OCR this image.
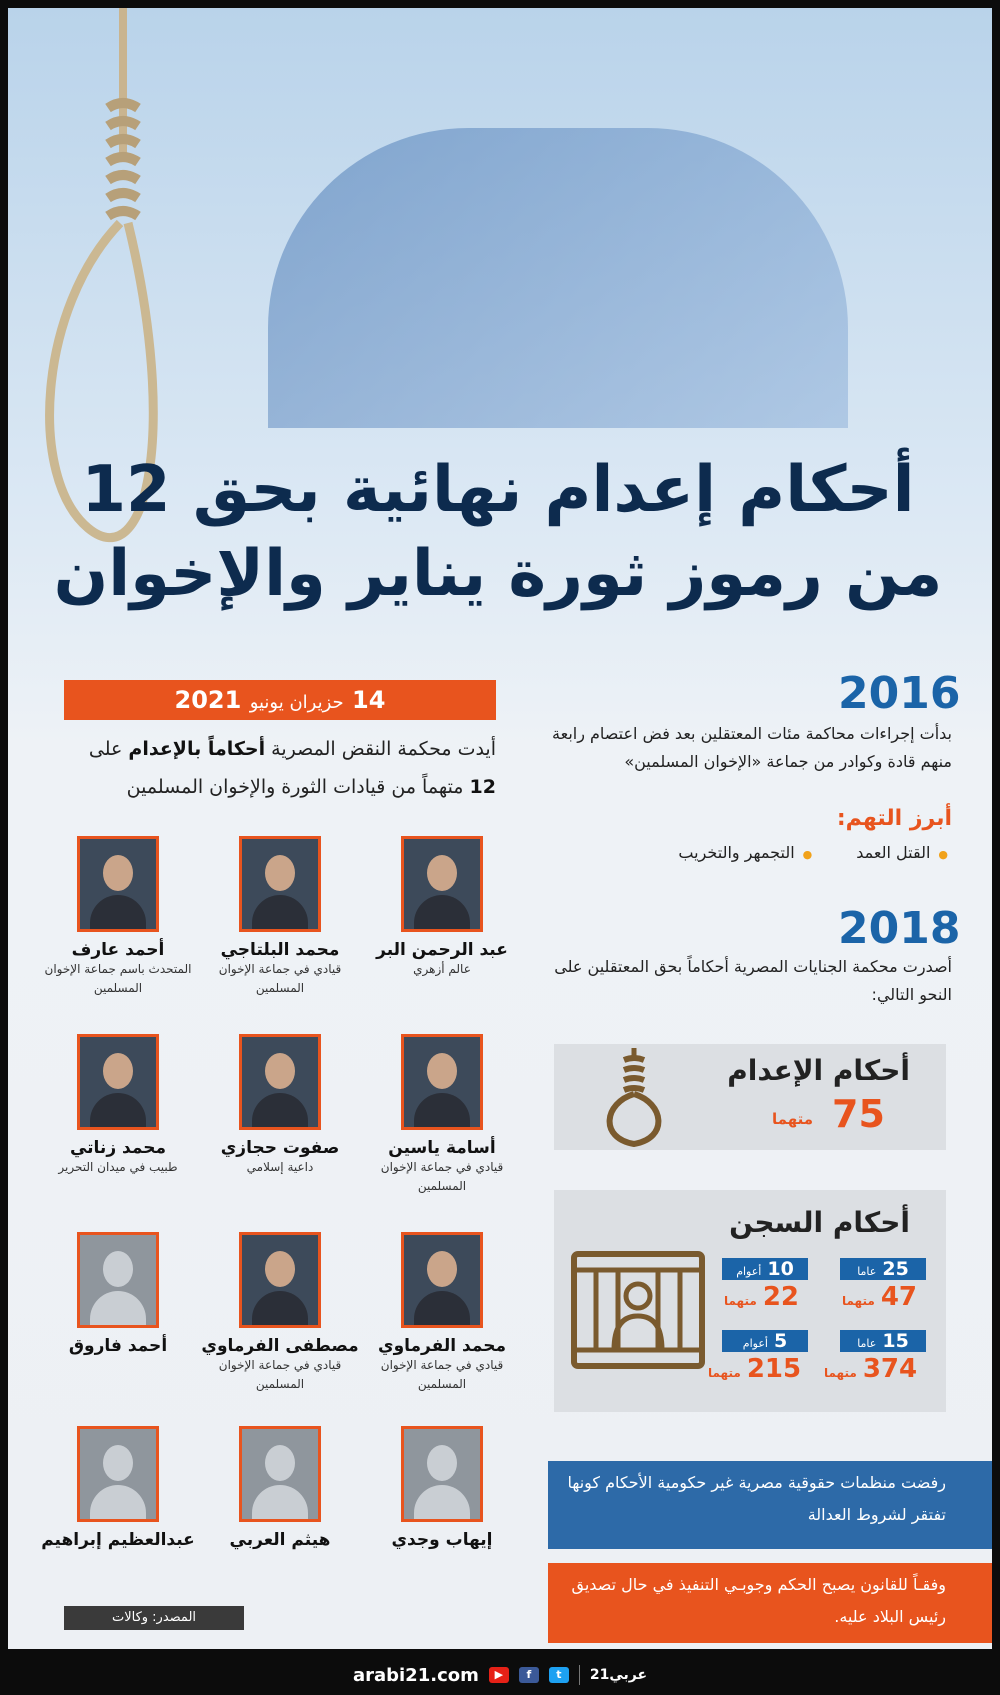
أحكام إعدام نهائية بحق 12
من رموز ثورة يناير والإخوان
2016
بدأت إجراءات محاكمة مئات المعتقلين بعد فض اعتصام رابعة منهم قادة وكوادر من جماعة «الإخوان المسلمين»
أبرز التهم:
● القتل العمد
● التجمهر والتخريب
2018
أصدرت محكمة الجنايات المصرية أحكاماً بحق المعتقلين على النحو التالي:
أحكام الإعدام
75
متهما
أحكام السجن
25
عاما
47
متهما
10
أعوام
22
متهما
15
عاما
374
متهما
5
أعوام
215
متهما
رفضت منظمات حقوقية مصرية غير حكومية الأحكام كونها تفتقر لشروط العدالة
وفقـاً للقانون يصبح الحكم وجوبـي التنفيذ في حال تصديق رئيس البلاد عليه.
14 حزيران يونيو 2021
أيدت محكمة النقض المصرية أحكاماً بالإعدام على
12 متهماً من قيادات الثورة والإخوان المسلمين
عبد الرحمن البر
عالم أزهري
محمد البلتاجي
قيادي في جماعة الإخوان المسلمين
أحمد عارف
المتحدث باسم جماعة الإخوان المسلمين
أسامة ياسين
قيادي في جماعة الإخوان المسلمين
صفوت حجازي
داعية إسلامي
محمد زناتي
طبيب في ميدان التحرير
محمد الفرماوي
قيادي في جماعة الإخوان المسلمين
مصطفى الفرماوي
قيادي في جماعة الإخوان المسلمين
أحمد فاروق
إيهاب وجدي
هيثم العربي
عبدالعظيم إبراهيم
المصدر: وكالات
arabi21.com	▶	f	t	عربي21
